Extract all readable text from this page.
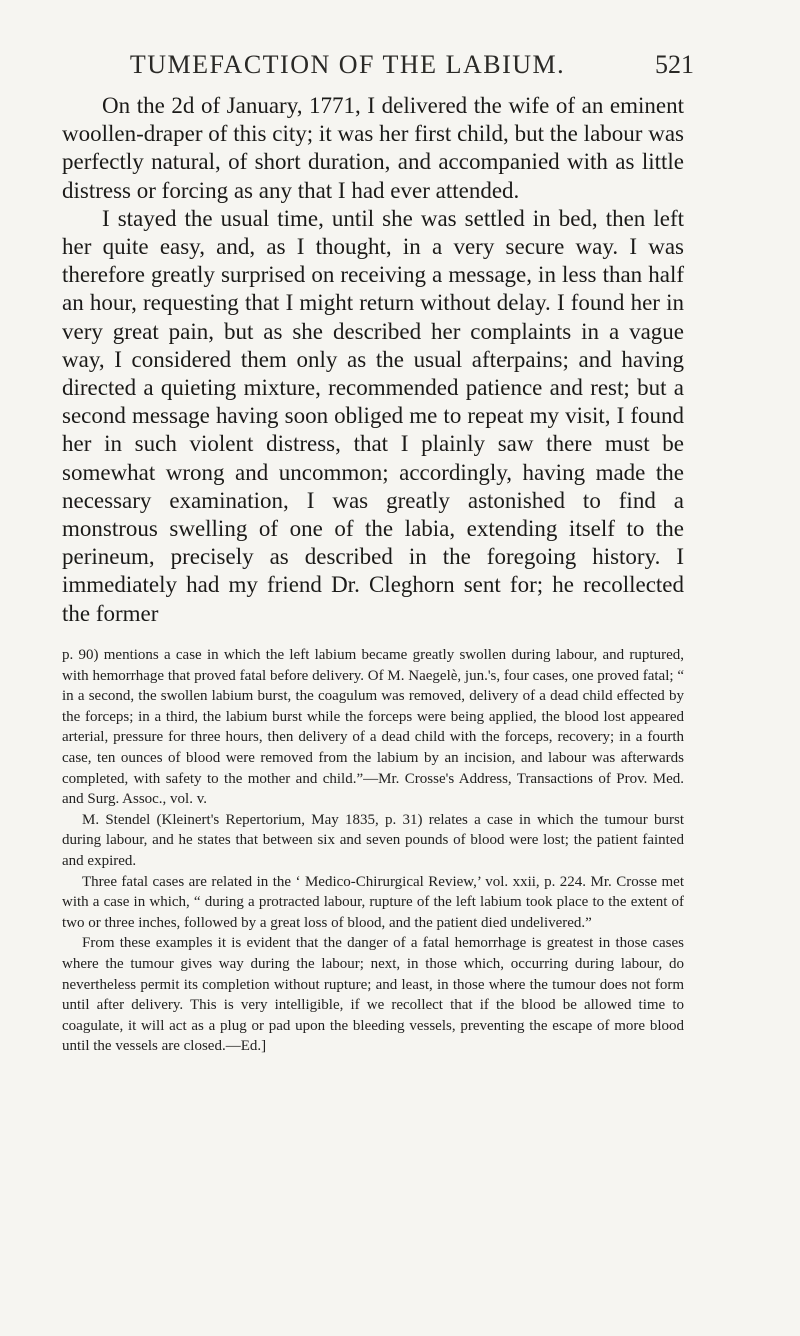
TUMEFACTION OF THE LABIUM.	521

On the 2d of January, 1771, I delivered the wife of an eminent woollen-draper of this city; it was her first child, but the labour was perfectly natural, of short duration, and accompanied with as little distress or forcing as any that I had ever attended.

I stayed the usual time, until she was settled in bed, then left her quite easy, and, as I thought, in a very secure way. I was therefore greatly surprised on receiving a message, in less than half an hour, requesting that I might return without delay. I found her in very great pain, but as she described her complaints in a vague way, I considered them only as the usual afterpains; and having directed a quieting mixture, recommended patience and rest; but a second message having soon obliged me to repeat my visit, I found her in such violent distress, that I plainly saw there must be somewhat wrong and uncommon; accordingly, having made the necessary examination, I was greatly astonished to find a monstrous swelling of one of the labia, extending itself to the perineum, precisely as described in the foregoing history. I immediately had my friend Dr. Cleghorn sent for; he recollected the former

p. 90) mentions a case in which the left labium became greatly swollen during labour, and ruptured, with hemorrhage that proved fatal before delivery. Of M. Naegelè, jun.'s, four cases, one proved fatal; “ in a second, the swollen labium burst, the coagulum was removed, delivery of a dead child effected by the forceps; in a third, the labium burst while the forceps were being applied, the blood lost appeared arterial, pressure for three hours, then delivery of a dead child with the forceps, recovery; in a fourth case, ten ounces of blood were removed from the labium by an incision, and labour was afterwards completed, with safety to the mother and child.”—Mr. Crosse's Address, Transactions of Prov. Med. and Surg. Assoc., vol. v.

M. Stendel (Kleinert's Repertorium, May 1835, p. 31) relates a case in which the tumour burst during labour, and he states that between six and seven pounds of blood were lost; the patient fainted and expired.

Three fatal cases are related in the ‘ Medico-Chirurgical Review,’ vol. xxii, p. 224. Mr. Crosse met with a case in which, “ during a protracted labour, rupture of the left labium took place to the extent of two or three inches, followed by a great loss of blood, and the patient died undelivered.”

From these examples it is evident that the danger of a fatal hemorrhage is greatest in those cases where the tumour gives way during the labour; next, in those which, occurring during labour, do nevertheless permit its completion without rupture; and least, in those where the tumour does not form until after delivery. This is very intelligible, if we recollect that if the blood be allowed time to coagulate, it will act as a plug or pad upon the bleeding vessels, preventing the escape of more blood until the vessels are closed.—Ed.]
